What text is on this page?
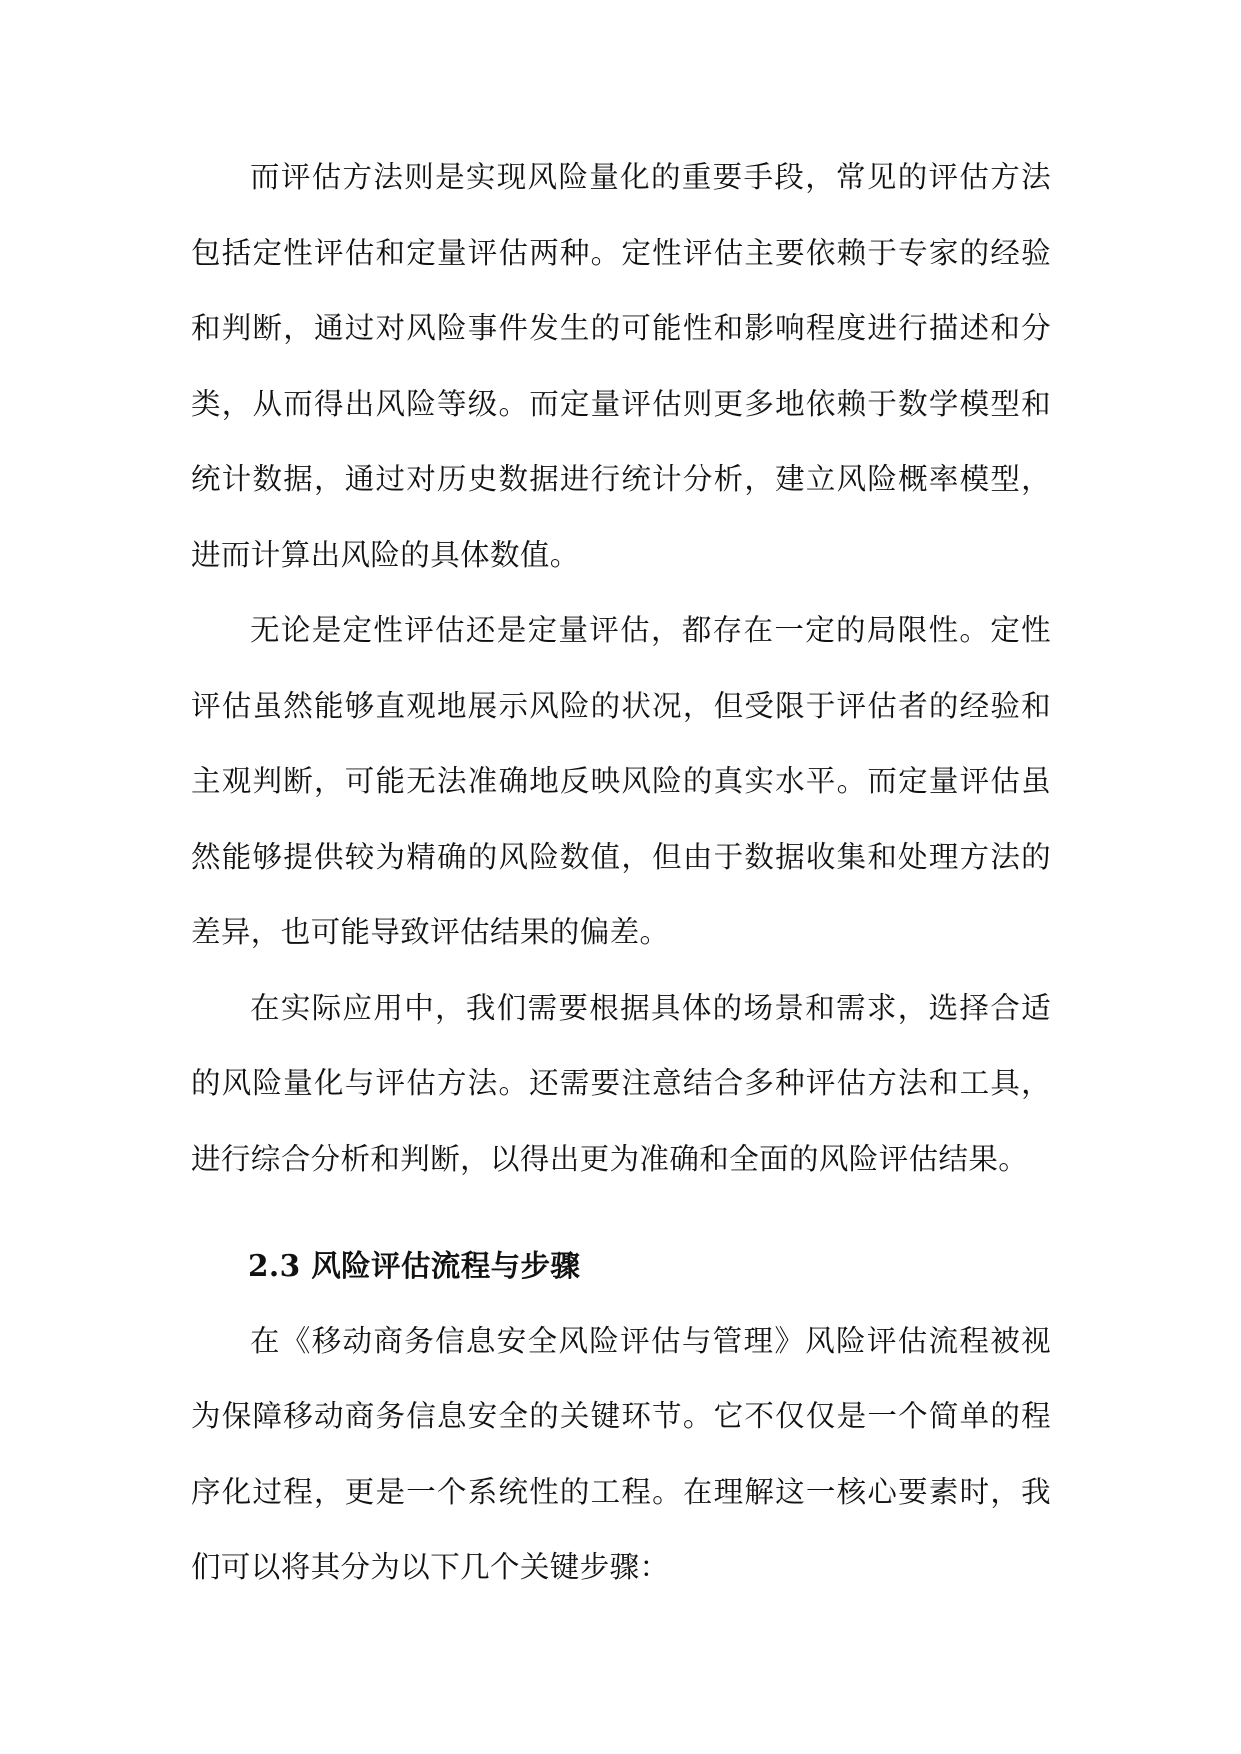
而评估方法则是实现风险量化的重要手段，常见的评估方法包括定性评估和定量评估两种。定性评估主要依赖于专家的经验和判断，通过对风险事件发生的可能性和影响程度进行描述和分类，从而得出风险等级。而定量评估则更多地依赖于数学模型和统计数据，通过对历史数据进行统计分析，建立风险概率模型，进而计算出风险的具体数值。

无论是定性评估还是定量评估，都存在一定的局限性。定性评估虽然能够直观地展示风险的状况，但受限于评估者的经验和主观判断，可能无法准确地反映风险的真实水平。而定量评估虽然能够提供较为精确的风险数值，但由于数据收集和处理方法的差异，也可能导致评估结果的偏差。

在实际应用中，我们需要根据具体的场景和需求，选择合适的风险量化与评估方法。还需要注意结合多种评估方法和工具，进行综合分析和判断，以得出更为准确和全面的风险评估结果。

2.3 风险评估流程与步骤

在《移动商务信息安全风险评估与管理》风险评估流程被视为保障移动商务信息安全的关键环节。它不仅仅是一个简单的程序化过程，更是一个系统性的工程。在理解这一核心要素时，我们可以将其分为以下几个关键步骤：
